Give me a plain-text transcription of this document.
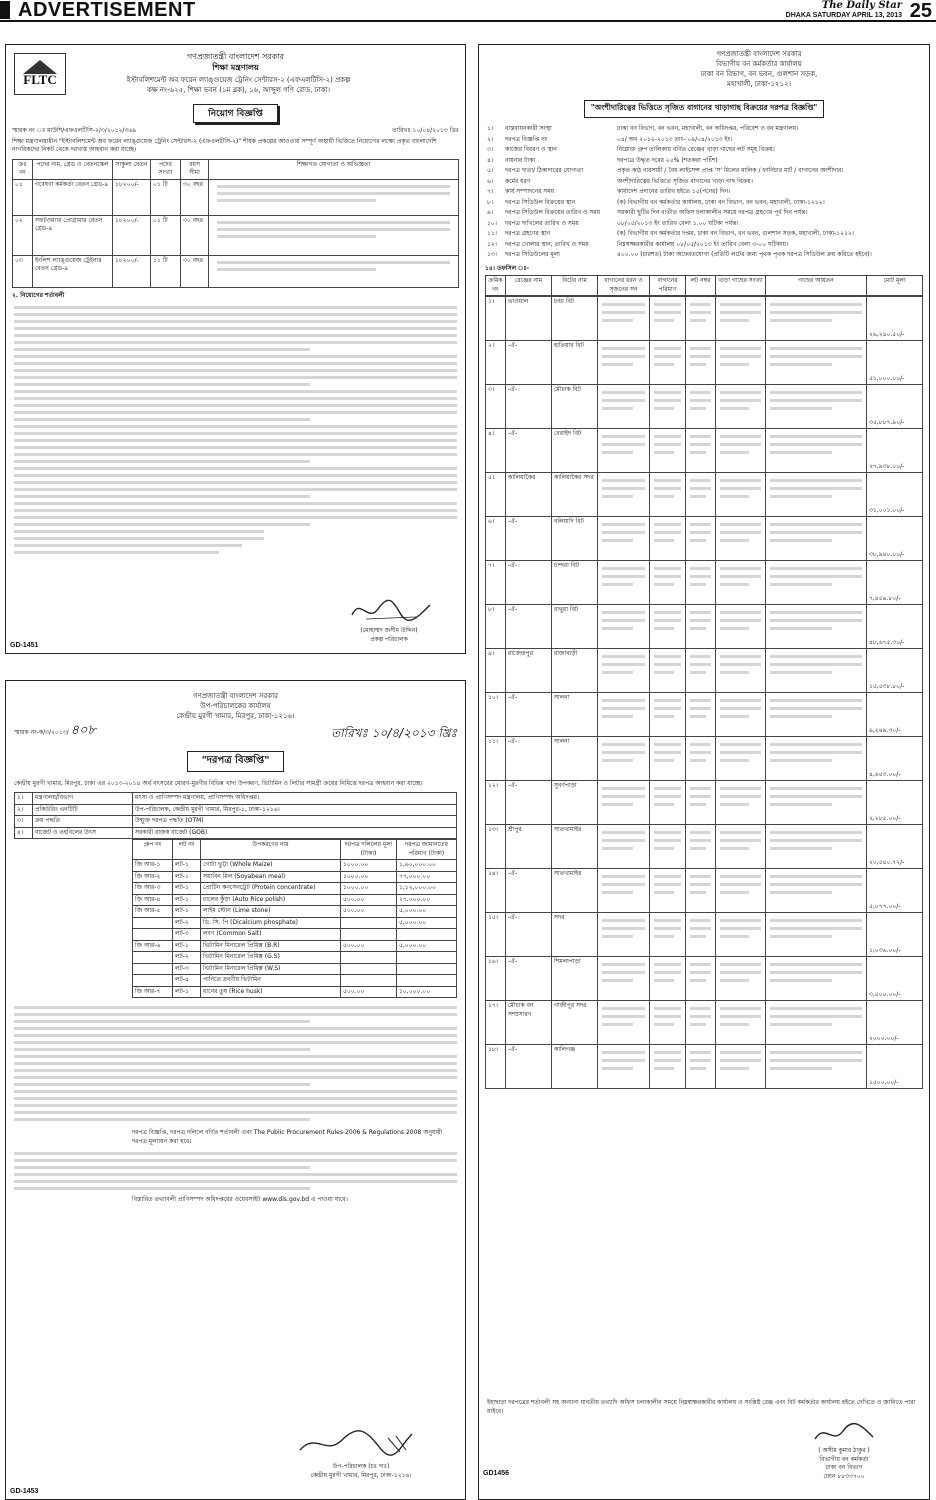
ADVERTISEMENT	The Daily Star
DHAKA SATURDAY APRIL 13, 2013 25
FLTC
গণপ্রজাতন্ত্রী বাংলাদেশ সরকার
শিক্ষা মন্ত্রণালয়
ইস্টাবলিশমেন্ট অব ফরেন ল্যাঙ্গুয়েজ ট্রেনিং সেন্টারস-২ (এফএলটিসি-২) প্রকল্প
কক্ষ নং-৬২৫, শিক্ষা ভবন (১ম ব্লক), ১৬, আব্দুল গণি রোড, ঢাকা।
নিয়োগ বিজ্ঞপ্তি
স্মারক নং ঃ মাউশি/এফএলটিসি-২/৩/২০১২/৩৬৯	তারিখঃ ১০/০৪/২০১৩ খ্রিঃ
শিক্ষা মন্ত্রণালয়াধীন "ইস্টাবলিশমেন্ট অব ফরেন ল্যাঙ্গুয়েজ ট্রেনিং সেন্টারস-২ (এফএলটিসি-২)" শীর্ষক প্রকল্পের আওতায় সম্পূর্ণ অস্থায়ী ভিত্তিতে নিয়োগের লক্ষ্যে প্রকৃত বাংলাদেশি নাগরিকদের নিকট থেকে দরখাস্ত আহবান করা যাচ্ছে।
ক্রঃ নং	পদের নাম, গ্রেড ও বেতনস্কেল	সাকুল্য বেতন	পদের সংখ্যা	বয়স সীমা	শিক্ষাগত যোগ্যতা ও অভিজ্ঞতা
০১	গবেষণা কর্মকর্তা বেতন গ্রেড-৯	১৮২০০/-	০১ টি	৩০ বছর	

০২	সফটওয়্যার প্রোগ্রামার বেতন গ্রেড-৯	১৮২০০/-	০১ টি	৩০ বছর	

০৩	ইংলিশ ল্যাঙ্গুয়েজ ট্রেইনার বেতন গ্রেড-৯	১৮২০০/-	১১ টি	৩০ বছর	
২. নিয়োগের শর্তাবলী
(মোহাম্মদ জসীম উদ্দিন)
প্রকল্প পরিচালক
GD-1451
গণপ্রজাতন্ত্রী বাংলাদেশ সরকার
উপ-পরিচালকের কার্যালয়
কেন্দ্রীয় মুরগী খামার, মিরপুর, ঢাকা-১২১৬।
স্মারক নং-ক/৩/২০১৩/ ৪০৮	তারিখঃ ১০/৪/২০১৩ খ্রিঃ
"দরপত্র বিজ্ঞপ্তি"
কেন্দ্রীয় মুরগী খামার, মিরপুর, ঢাকা এর ২০১৩-২০১৪ অর্থ বৎসরের মোরগ-মুরগীর বিভিন্ন খাদ্য উপকরণ, ভিটামিন ও লিটার সামগ্রী ক্রয়ের নিমিত্তে দরপত্র আহবান করা যাচ্ছে।
১।	মন্ত্রণালয়/বিভাগ	মৎস্য ও প্রাণিসম্পদ মন্ত্রণালয়, প্রাণিসম্পদ অধিদপ্তর।
২।	প্রকিউরিং এনটিটি	উপ-পরিচালক, কেন্দ্রীয় মুরগী খামার, মিরপুর-১, ঢাকা-১২১৬।
৩।	ক্রয় পদ্ধতি	উন্মুক্ত দরপত্র পদ্ধতি (OTM)
৪।	বাজেট ও তহবিলের উৎস	সরকারী রাজস্ব বাজেট (GOB)
গ্রুপ নং	লট নং	উপকরণের নাম	দরপত্র দলিলের মূল্য (টাকা)	দরপত্র জামানতের পরিমাণ (টাকা)
জি আর-১	লট-১	গোটা ভুট্টা (Whole Maize)	১০০০.০০	১,৬০,০০০.০০
জি আর-২	লট-১	সয়াবিন মিল (Soyabean meal)	১০০০.০০	৭৭,০০০.০০
জি আর-৩	লট-১	প্রোটিন কনসেনট্রেট (Protein concentrate)	১০০০.০০	১,১২,০০০.০০
জি আর-৪	লট-১	চালের কুঁড়া (Auto Rice polish)	৫০০.০০	২৭,০০০.০০
জি আর-৫	লট-১	লাইম স্টোন (Lime stone)	৫০০.০০	৫,০০০.০০
	লট-২	ডি. সি. পি (Dicalcium phosphate)		৫,০০০.০০
	লট-৩	লবণ (Common Salt)		
জি আর-৬	লট-১	ভিটামিন মিনারেল প্রিমিক্স (B.R)	৫০০.০০	৫,০০০.০০
	লট-২	ভিটামিন মিনারেল প্রিমিক্স (G.S)		
	লট-৩	ভিটামিন মিনারেল প্রিমিক্স (W.S)		
	লট-৪	পানিতে দ্রবণীয় ভিটামিন		
জি আর-৭	লট-১	ধানের তুষ (Rice husk)	৫০০.০০	১০,০০০.০০
দরপত্র বিজ্ঞপ্তি, দরপত্র দলিলে বর্ণিত শর্তাবলী এবং The Public Procurement Rules-2006 & Regulations 2008 অনুযায়ী দরপত্র মূল্যায়ন করা হবে।
বিস্তারিত তথ্যাবলী প্রাণিসম্পদ অধিদপ্তরের ওয়েবসাইট www.dls.gov.bd এ পাওয়া যাবে।
উপ-পরিচালক (চঃ দাঃ)
কেন্দ্রীয় মুরগী খামার, মিরপুর, ঢাকা-১২১৬।
GD-1453
গণপ্রজাতন্ত্রী বাংলাদেশ সরকার
বিভাগীয় বন কর্মকর্তার কার্যালয়
ঢাকা বন বিভাগ, বন ভবন, গুলশান সড়ক,
মহাখালী, ঢাকা-১২১২।
"অংশীদারিত্বের ভিত্তিতে সৃজিত বাগানের খাড়াগাছ বিক্রয়ের দরপত্র বিজ্ঞপ্তি"
১।	বাস্তবায়নকারী সংস্থা	ঢাকা বন বিভাগ, বন ভবন, মহাখালী, বন অধিদপ্তর, পরিবেশ ও বন মন্ত্রণালয়।
২।	দরপত্র বিজ্ঞপ্তি নং	০৪/ অব ২০১২-২০১৩ তাং- ০৯/০৪/২০১৩ ইং।
৩।	কাজের বিবরণ ও স্থান	নিম্নোক্ত গ্রুপ তালিকায় বর্ণিত রেঞ্জের খাড়া গাছের লট সমূহ বিক্রয়।
৪।	বায়নার টাকা	দরপত্রে উদ্ধৃত দরের ২৫% (শতকরা পচিঁশ)
৫।	দরপত্র দাতা/ ঠিকাদারের যোগ্যতা	প্রকৃত কাঠ ব্যবসায়ী / বৈধ লাইসেন্স প্রাপ্ত 'স' মিলের মালিক / ফার্নিচার মার্ট / বাগানের অংশীদার।
৬।	কর্মের ধরণ	অংশীদারিত্বের ভিত্তিতে সৃজিত বাগানের খাড়া গাছ বিক্রয়।
৭।	কার্য সম্পাদনের সময়	কার্যাদেশ প্রদানের তারিখ হইতে ১৫(পনের) দিন।
৮।	দরপত্র সিডিউল বিক্রয়ের স্থান	(ক) বিভাগীয় বন কর্মকর্তার কার্যালয়, ঢাকা বন বিভাগ, বন ভবন, মহাখালী, ঢাকা-১২১২।
৯।	দরপত্র সিডিউল বিক্রয়ের তারিখ ও সময়	সরকারী ছুটির দিন ব্যতীত অফিস চলাকালীন সময়ে দরপত্র গ্রহণের পূর্ব দিন পর্যন্ত।
১০।	দরপত্র দাখিলের তারিখ ও সময়	০৮/০৫/২০১৩ ইং তারিখ বেলা ১.০০ ঘটিকা পর্যন্ত।
১১।	দরপত্র গ্রহণের স্থান	(ক) বিভাগীয় বন কর্মকর্তার দপ্তর, ঢাকা বন বিভাগ, বন ভবন, গুলশান সড়ক, মহাখালী, ঢাকা-১২১২।
১২।	দরপত্র খোলার স্থান, তারিখ ও সময়	নিম্নস্বাক্ষরকারীর কার্যালয় ০৮/০৫/২০১৩ ইং তারিখ বেলা ৩-০০ ঘটিকায়।
১৩।	দরপত্র সিডিউলের মূল্য	৪০০.০০ (চারশত) টাকা অফেরতযোগ্য (প্রতিটি লটের জন্য পৃথক পৃথক দরপত্র সিডিউল ক্রয় করিতে হইবে)।
১৪। তফসিল ঃ-
ক্রমিক নং	রেঞ্জের নাম	বিটের নাম	বাগানের ধরন ও সৃজনের সন	বাগানের পরিমাণ	লট নম্বর	খাড়া গাছের সংখ্যা	গাছের আয়তন	মোট মূল্য
১।	ভাওয়াল	চন্দ্রা বিট						২৬,২৪০.৫০/-
২।	-ঐ-	হাতিয়াব বিট						৫১,০০০.০০/-
৩।	-ঐ-	মৌচাক বিট						৩৫,৮৮৭.৯০/-
৪।	-ঐ-	বেরাইদ বিট						২৭,৯৩৮.০০/-
৫।	কালিয়াকৈর	কালিয়াকৈর সদর						৩১,০০১.০০/-
৬।	-ঐ-	বলিয়াদি বিট						৩৮,৯৪০.০০/-
৭।	-ঐ-	চান্দরা বিট						৭,৪৫৯.৮০/-
৮।	-ঐ-	রাথুরা বিট						৪৮,৬৭৫.৩০/-
৯।	রাজেন্দ্রপুর	রাজাবাড়ী						১৫,৫৩৮.৮০/-
১০।	-ঐ-	সালনা						৯,২৪৯.৩০/-
১১।	-ঐ-	সালনা						৪,৬৫৩.০০/-
১২।	-ঐ-	সুবর্ণপাড়া						২,২৮৫.০০/-
১৩।	শ্রীপুর	সাতখামাইর						২০,৫৪০.৭২/-
১৪।	-ঐ-	সাতখামাইর						৫,০৭৭.০০/-
১৫।	-ঐ-	সদর						১,০৩৬.০০/-
১৬।	-ঐ-	শিমলাপাড়া						৩,৫০০.০০/-
১৭।	মৌচাক বন সম্প্রসারণ	গাজীপুর সদর						২০০০.০০/-
১৮।	-ঐ-	কালিগঞ্জ						১৫০০.০০/-
ইহাছাড়া দরপত্রের শর্তাবলী সহ অন্যান্য যাবতীয় তথ্যাদি অফিস চলাকালীন সময়ে নিম্নস্বাক্ষরকারীর কার্যালয় ও সংশ্লিষ্ট রেঞ্জ এবং বিট কর্মকর্তার কার্যালয় হইতে দেখিতে ও জানিতে পারা যাইবে।
( অসীম কুমার ঠাকুর )
বিভাগীয় বন কর্মকর্তা
ঢাকা বন বিভাগ
ফোন ৮৮৩৩৭০০
GD1456
